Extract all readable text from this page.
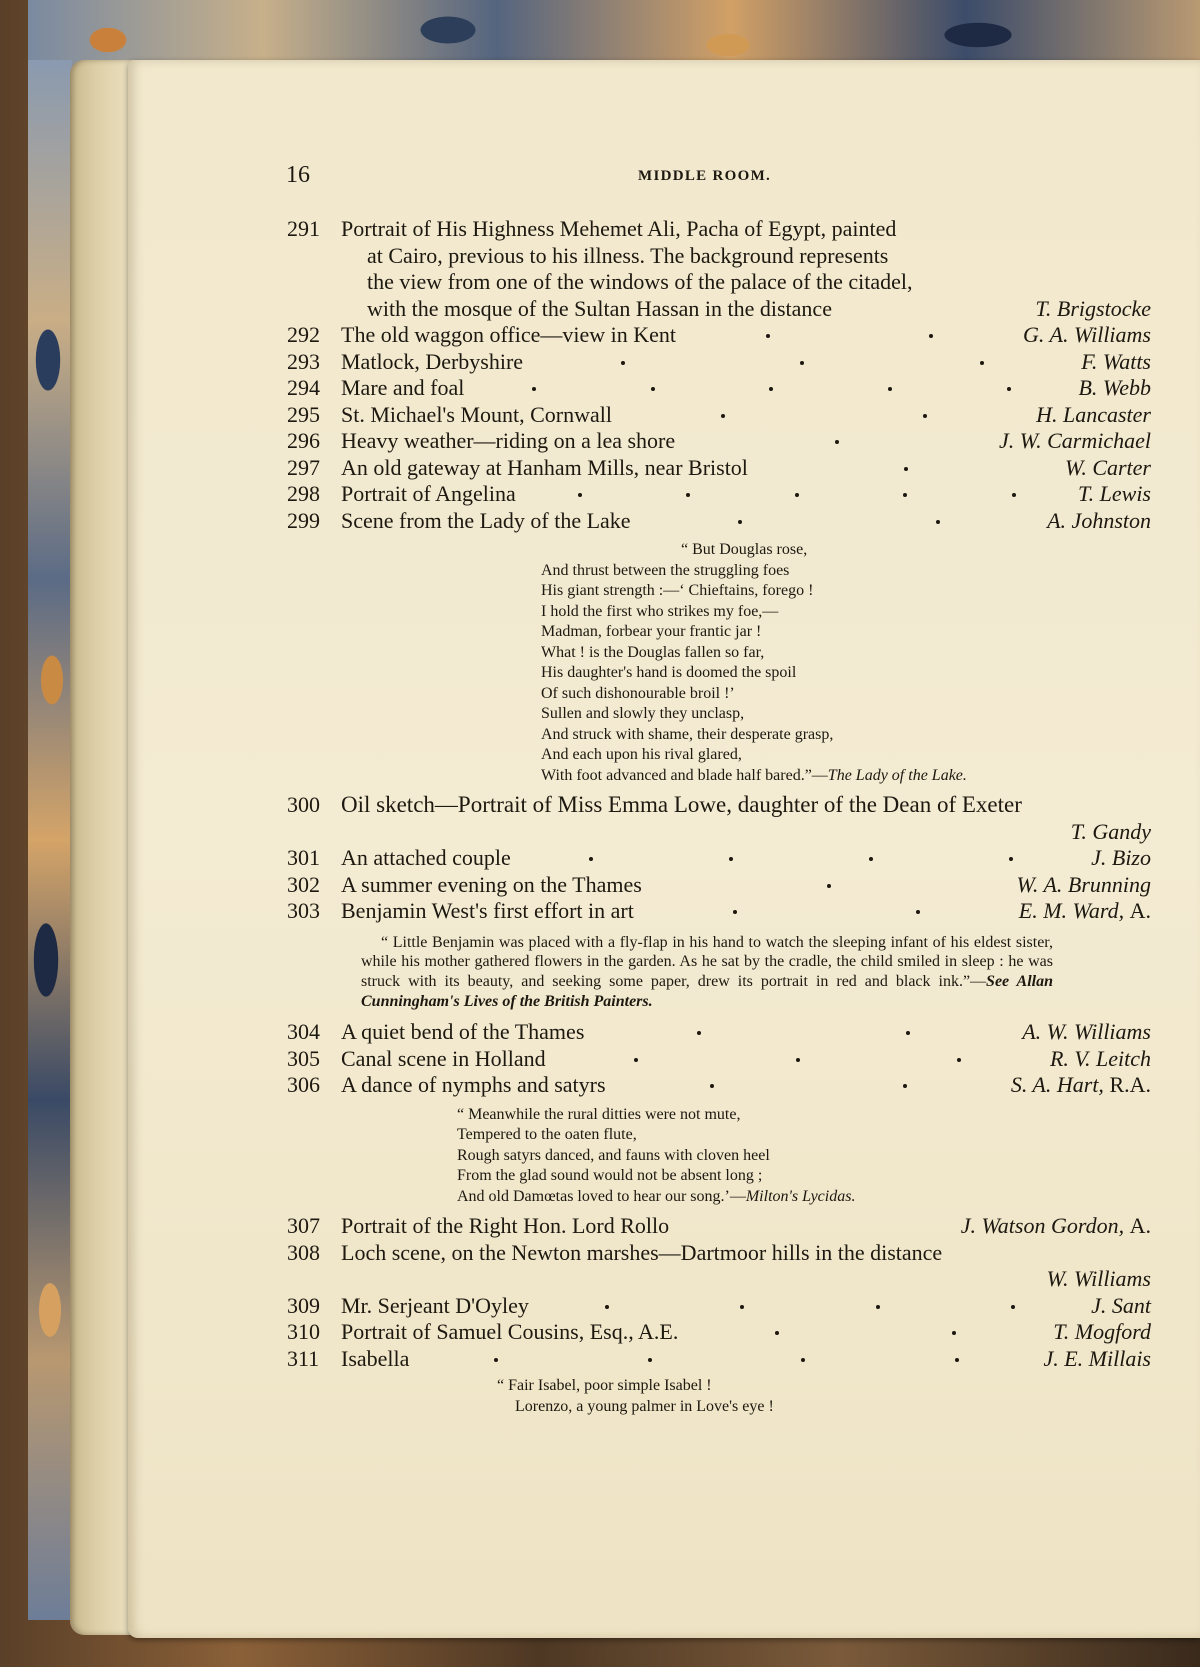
16	MIDDLE ROOM.
291 Portrait of His Highness Mehemet Ali, Pacha of Egypt, painted
at Cairo, previous to his illness. The background represents
the view from one of the windows of the palace of the citadel,
with the mosque of the Sultan Hassan in the distance	T. Brigstocke
292 The old waggon office—view in Kent	G. A. Williams
293 Matlock, Derbyshire	F. Watts
294 Mare and foal	B. Webb
295 St. Michael's Mount, Cornwall	H. Lancaster
296 Heavy weather—riding on a lea shore	J. W. Carmichael
297 An old gateway at Hanham Mills, near Bristol	W. Carter
298 Portrait of Angelina	T. Lewis
299 Scene from the Lady of the Lake	A. Johnston
“ But Douglas rose,
And thrust between the struggling foes
His giant strength :—‘ Chieftains, forego !
I hold the first who strikes my foe,—
Madman, forbear your frantic jar !
What ! is the Douglas fallen so far,
His daughter's hand is doomed the spoil
Of such dishonourable broil !’
Sullen and slowly they unclasp,
And struck with shame, their desperate grasp,
And each upon his rival glared,
With foot advanced and blade half bared.”—The Lady of the Lake.
300 Oil sketch—Portrait of Miss Emma Lowe, daughter of the Dean of Exeter
T. Gandy
301 An attached couple	J. Bizo
302 A summer evening on the Thames	W. A. Brunning
303 Benjamin West's first effort in art	E. M. Ward, A.
“ Little Benjamin was placed with a fly-flap in his hand to watch the sleeping infant of his eldest sister, while his mother gathered flowers in the garden. As he sat by the cradle, the child smiled in sleep : he was struck with its beauty, and seeking some paper, drew its portrait in red and black ink.”—See Allan Cunningham's Lives of the British Painters.
304 A quiet bend of the Thames	A. W. Williams
305 Canal scene in Holland	R. V. Leitch
306 A dance of nymphs and satyrs	S. A. Hart, R.A.
“ Meanwhile the rural ditties were not mute,
Tempered to the oaten flute,
Rough satyrs danced, and fauns with cloven heel
From the glad sound would not be absent long ;
And old Damœtas loved to hear our song.’—Milton's Lycidas.
307 Portrait of the Right Hon. Lord Rollo	J. Watson Gordon, A.
308 Loch scene, on the Newton marshes—Dartmoor hills in the distance
W. Williams
309 Mr. Serjeant D'Oyley	J. Sant
310 Portrait of Samuel Cousins, Esq., A.E.	T. Mogford
311 Isabella	J. E. Millais
“ Fair Isabel, poor simple Isabel !
Lorenzo, a young palmer in Love's eye !
